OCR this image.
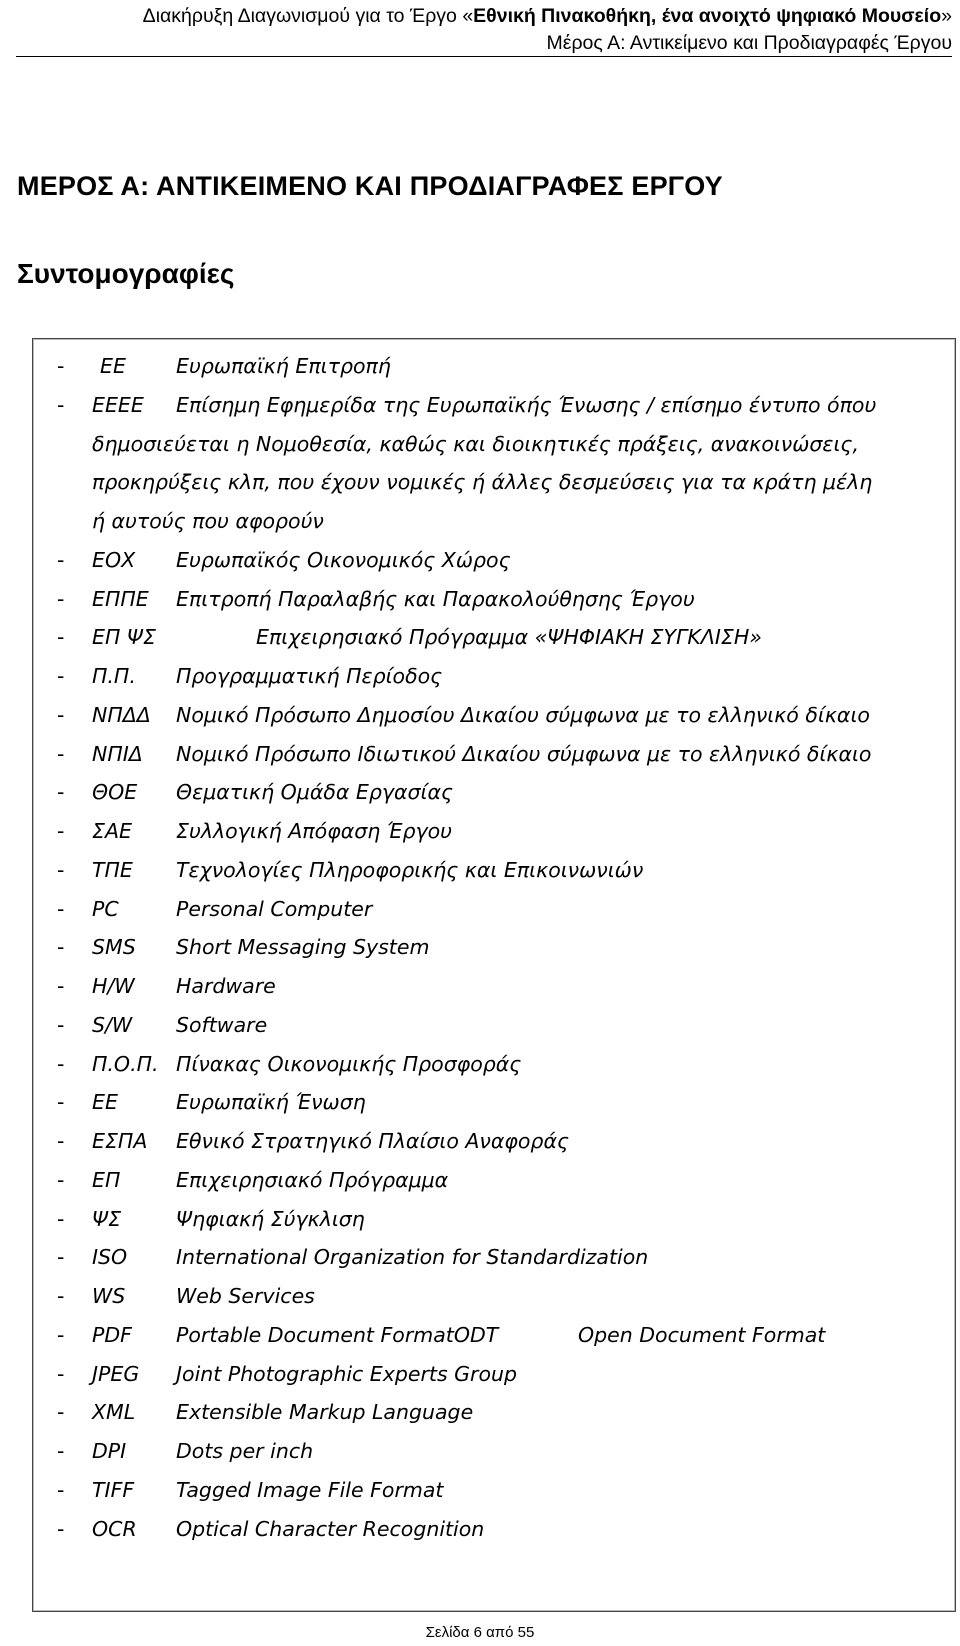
Διακήρυξη Διαγωνισμού για το Έργο «Εθνική Πινακοθήκη, ένα ανοιχτό ψηφιακό Μουσείο»
Μέρος Α: Αντικείμενο και Προδιαγραφές Έργου
ΜΕΡΟΣ Α: ΑΝΤΙΚΕΙΜΕΝΟ ΚΑΙ ΠΡΟΔΙΑΓΡΑΦΕΣ ΕΡΓΟΥ
Συντομογραφίες
- ΕΕ Ευρωπαϊκή Επιτροπή
- ΕΕΕΕ Επίσημη Εφημερίδα της Ευρωπαϊκής Ένωσης / επίσημο έντυπο όπου
δημοσιεύεται η Νομοθεσία, καθώς και διοικητικές πράξεις, ανακοινώσεις,
προκηρύξεις κλπ, που έχουν νομικές ή άλλες δεσμεύσεις για τα κράτη μέλη
ή αυτούς που αφορούν
- ΕΟΧ Ευρωπαϊκός Οικονομικός Χώρος
- ΕΠΠΕ Επιτροπή Παραλαβής και Παρακολούθησης Έργου
- ΕΠ ΨΣ	Επιχειρησιακό Πρόγραμμα «ΨΗΦΙΑΚΗ ΣΥΓΚΛΙΣΗ»
- Π.Π. Προγραμματική Περίοδος
- ΝΠΔΔ Νομικό Πρόσωπο Δημοσίου Δικαίου σύμφωνα με το ελληνικό δίκαιο
- ΝΠΙΔ Νομικό Πρόσωπο Ιδιωτικού Δικαίου σύμφωνα με το ελληνικό δίκαιο
- ΘΟΕ Θεματική Ομάδα Εργασίας
- ΣΑΕ Συλλογική Απόφαση Έργου
- ΤΠΕ Τεχνολογίες Πληροφορικής και Επικοινωνιών
- PC	Personal Computer
- SMS Short Messaging System
- H/W Hardware
- S/W Software
- Π.Ο.Π. Πίνακας Οικονομικής Προσφοράς
- ΕΕ	Ευρωπαϊκή Ένωση
- ΕΣΠΑ Εθνικό Στρατηγικό Πλαίσιο Αναφοράς
- ΕΠ	Επιχειρησιακό Πρόγραμμα
- ΨΣ	Ψηφιακή Σύγκλιση
- ISO International Organization for Standardization
- WS Web Services
- PDF Portable Document FormatODT	Open Document Format
- JPEG Joint Photographic Experts Group
- XML Extensible Markup Language
- DPI Dots per inch
- TIFF Tagged Image File Format
- OCR Optical Character Recognition
Σελίδα 6 από 55
